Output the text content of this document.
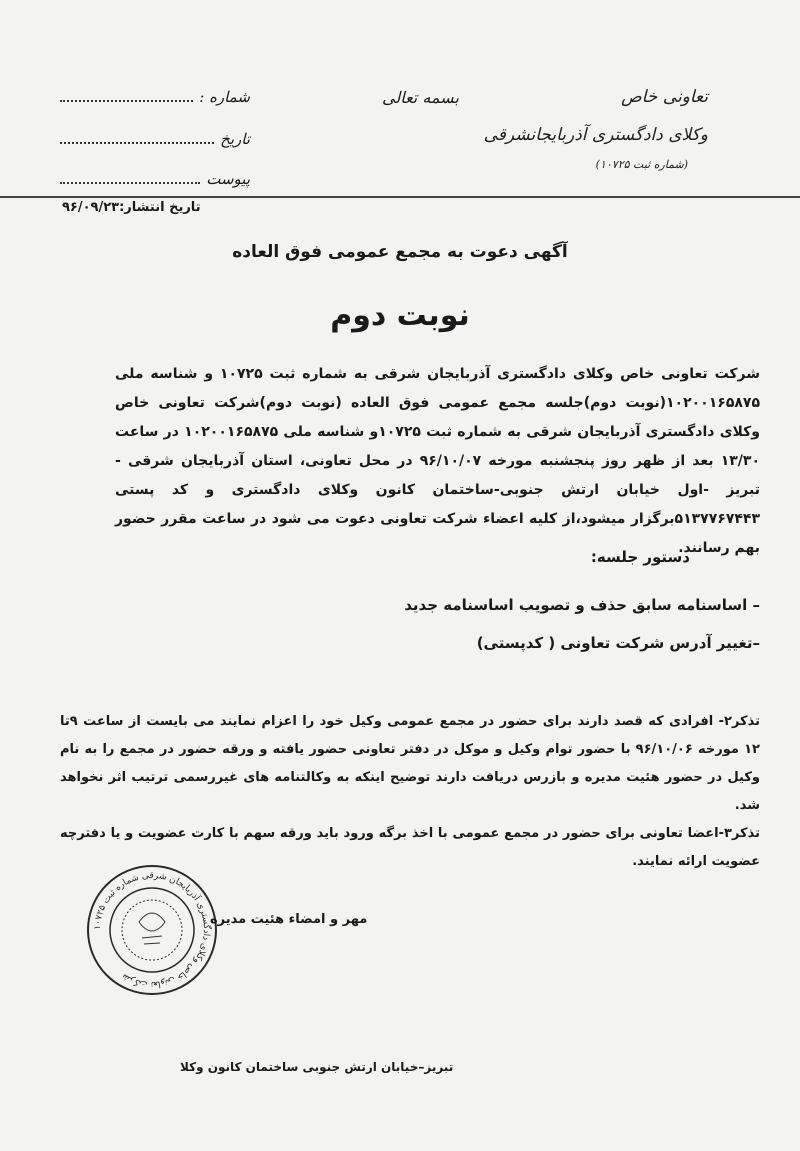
تعاونی خاص
وکلای دادگستری آذربایجانشرقی
(شماره ثبت ۱۰۷۲۵)
بسمه تعالی
شماره :
تاریخ
پیوست
تاریخ انتشار:۹۶/۰۹/۲۳
آگهی دعوت به مجمع عمومی فوق العاده
نوبت دوم
شرکت تعاونی خاص وکلای دادگستری آذربایجان شرقی به شماره ثبت ۱۰۷۲۵ و شناسه ملی ۱۰۲۰۰۱۶۵۸۷۵(نوبت دوم)جلسه مجمع عمومی فوق العاده (نوبت دوم)شرکت تعاونی خاص وکلای دادگستری آذربایجان شرقی به شماره ثبت ۱۰۷۲۵و شناسه ملی ۱۰۲۰۰۱۶۵۸۷۵ در ساعت ۱۳/۳۰ بعد از ظهر روز پنجشنبه مورخه ۹۶/۱۰/۰۷ در محل تعاونی، استان آذربایجان شرقی - تبریز -اول خیابان ارتش جنوبی-ساختمان کانون وکلای دادگستری و کد پستی ۵۱۳۷۷۶۷۴۴۳برگزار میشود،از کلیه اعضاء شرکت تعاونی دعوت می شود در ساعت مقرر حضور بهم رسانند.
دستور جلسه:
– اساسنامه سابق حذف و تصویب اساسنامه جدید
–تغییر آدرس شرکت تعاونی ( کدپستی)
تذکر۲- افرادی که قصد دارند برای حضور در مجمع عمومی وکیل خود را اعزام نمایند می بایست از ساعت ۹تا ۱۲ مورخه ۹۶/۱۰/۰۶ با حضور توام وکیل و موکل در دفتر تعاونی حضور یافته و ورقه حضور در مجمع را به نام وکیل در حضور هئیت مدیره و بازرس دریافت دارند توضیح اینکه به وکالتنامه های غیررسمی ترتیب اثر نخواهد شد.
تذکر۳-اعضا تعاونی برای حضور در مجمع عمومی با اخذ برگه ورود باید ورقه سهم با کارت عضویت و یا دفترچه عضویت ارائه نمایند.
شرکت تعاونی خاص وکلای دادگستری آذربایجان شرقی شماره ثبت ۱۰۷۲۵
مهر و امضاء هئیت مدیره
تبریز–خیابان ارتش جنوبی ساختمان کانون وکلا
